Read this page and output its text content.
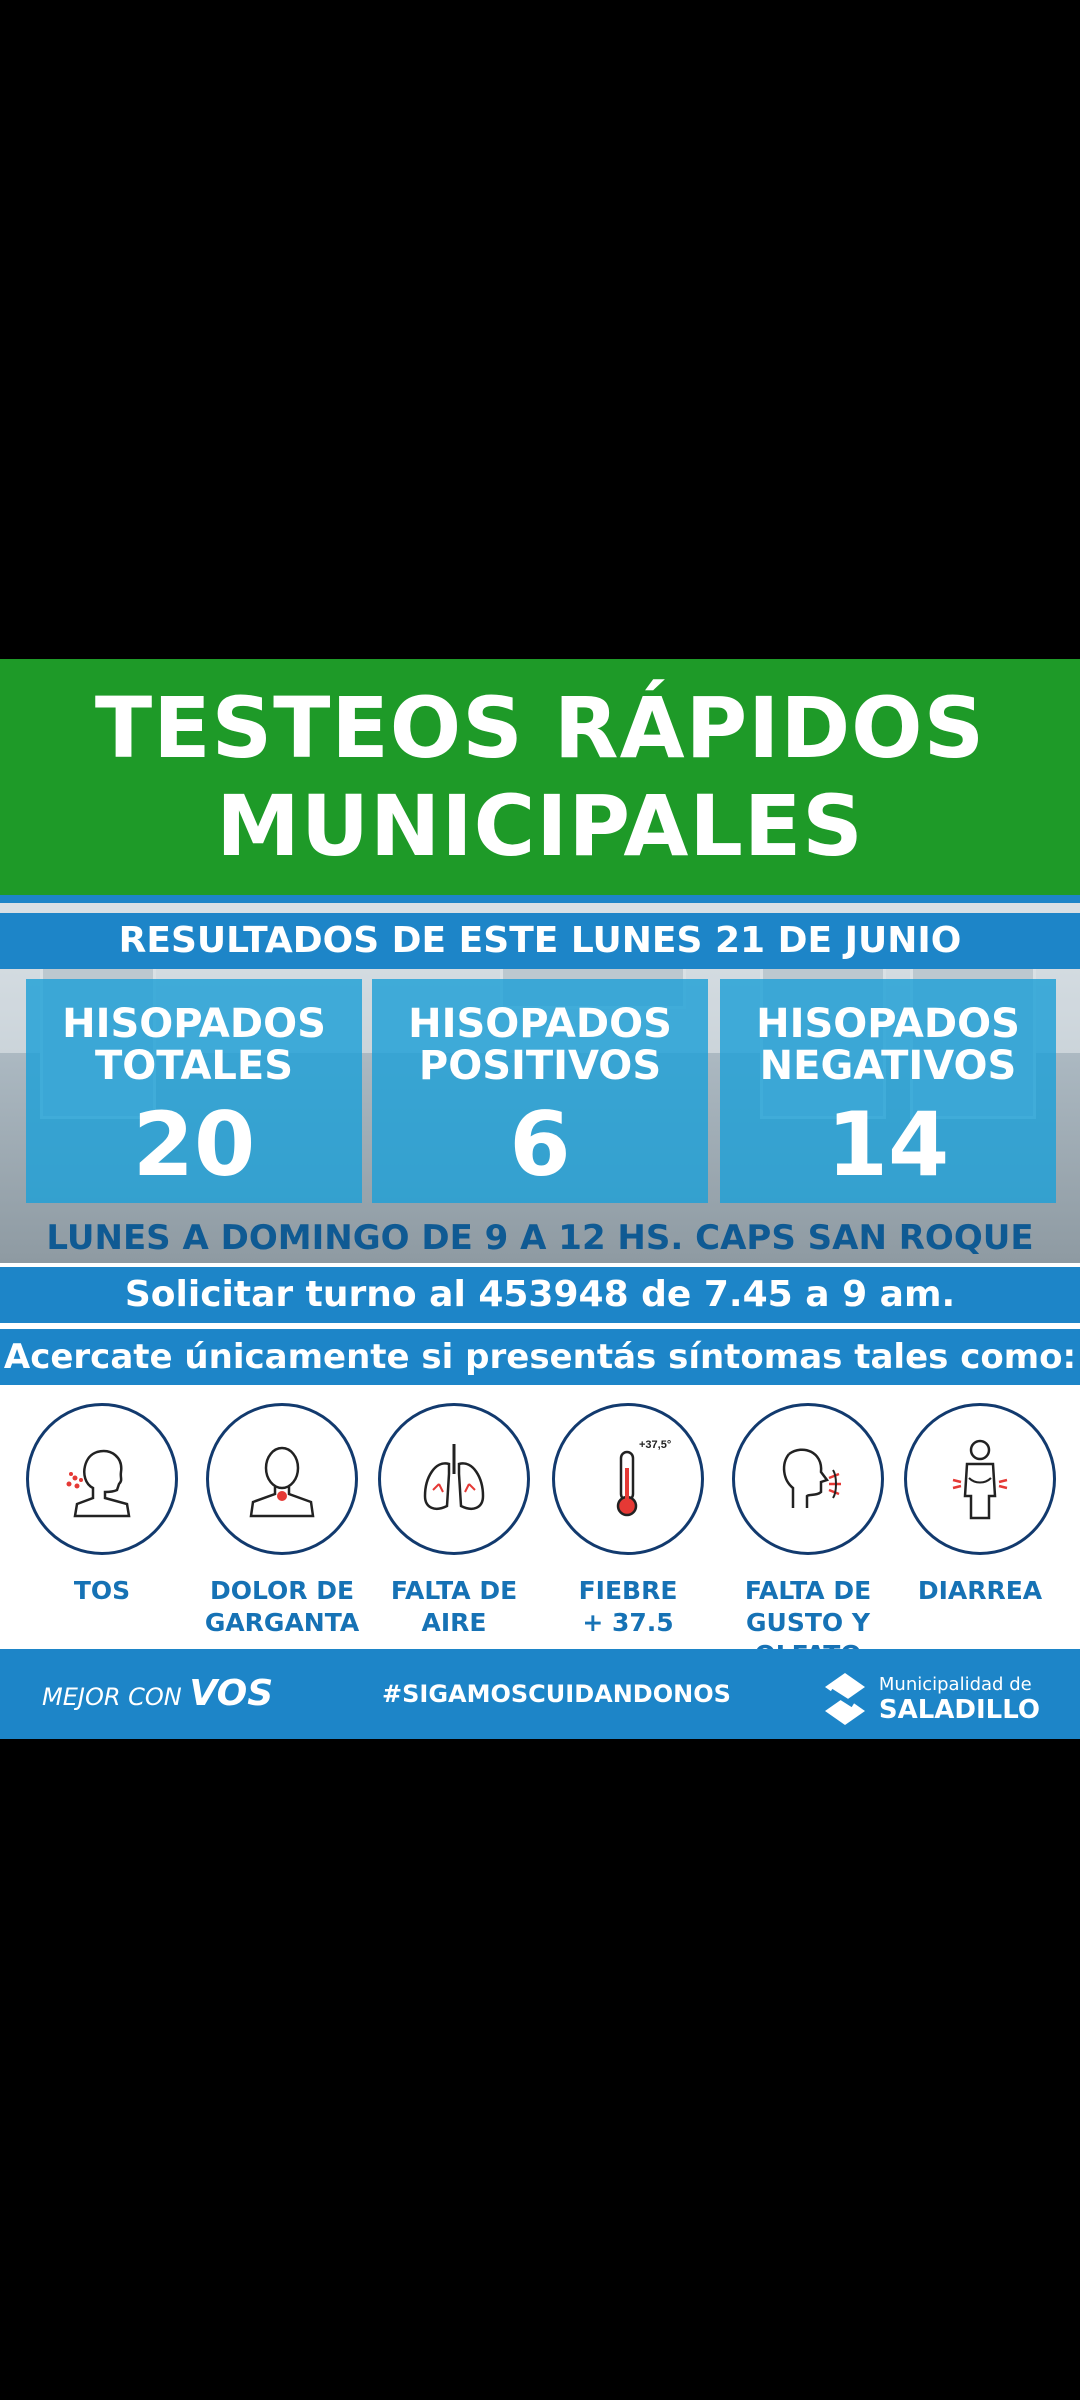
TESTEOS RÁPIDOS
MUNICIPALES
RESULTADOS DE ESTE LUNES 21 DE JUNIO
HISOPADOS
TOTALES
20
HISOPADOS
POSITIVOS
6
HISOPADOS
NEGATIVOS
14
LUNES A DOMINGO DE 9 A 12 HS. CAPS SAN ROQUE
Solicitar turno al 453948 de 7.45 a 9 am.
Acercate únicamente si presentás síntomas tales como:
TOS	DOLOR DE
GARGANTA
FALTA DE
AIRE
+37,5°
FIEBRE
+ 37.5
FALTA DE
GUSTO Y
DIARREA
MEJOR CON VOS	#SIGAMOSCUIDANDONOS	Municipalidad de
SALADILLO
